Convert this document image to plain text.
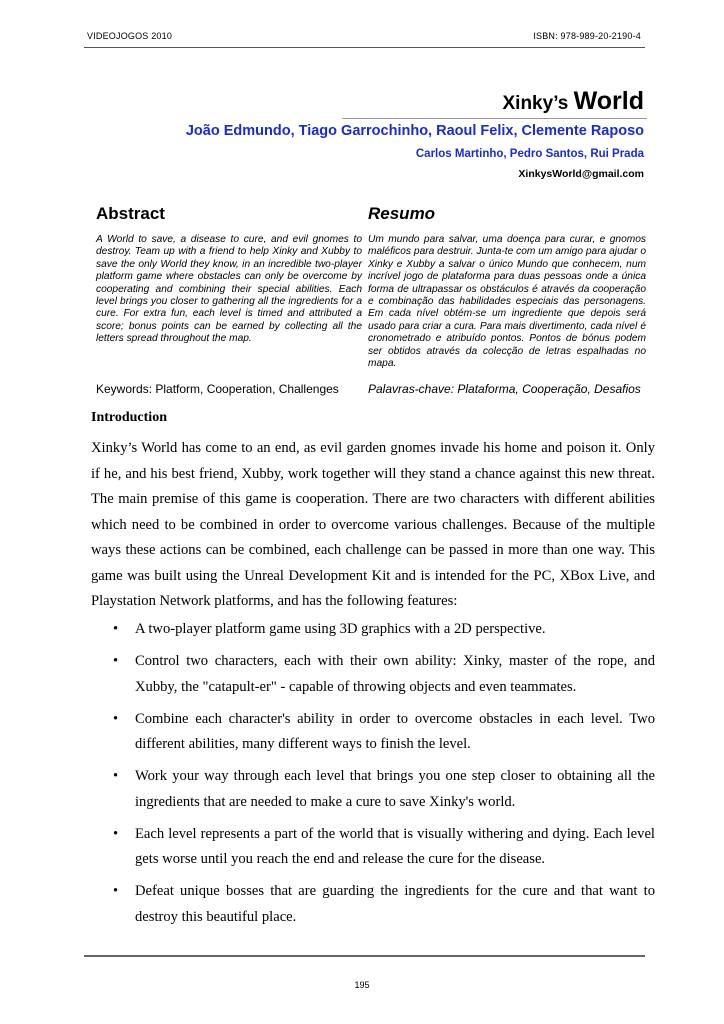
VIDEOJOGOS 2010	ISBN: 978-989-20-2190-4
Xinky’s World
João Edmundo, Tiago Garrochinho, Raoul Felix, Clemente Raposo
Carlos Martinho, Pedro Santos, Rui Prada
XinkysWorld@gmail.com
Abstract

A World to save, a disease to cure, and evil gnomes to destroy. Team up with a friend to help Xinky and Xubby to save the only World they know, in an incredible two-player platform game where obstacles can only be overcome by cooperating and combining their special abilities. Each level brings you closer to gathering all the ingredients for a cure. For extra fun, each level is timed and attributed a score; bonus points can be earned by collecting all the letters spread throughout the map.

Resumo

Um mundo para salvar, uma doença para curar, e gnomos maléficos para destruir. Junta-te com um amigo para ajudar o Xinky e Xubby a salvar o único Mundo que conhecem, num incrível jogo de plataforma para duas pessoas onde a única forma de ultrapassar os obstáculos é através da cooperação e combinação das habilidades especiais das personagens. Em cada nível obtém-se um ingrediente que depois será usado para criar a cura. Para mais divertimento, cada nível é cronometrado e atribuído pontos. Pontos de bónus podem ser obtidos através da colecção de letras espalhadas no mapa.

Keywords: Platform, Cooperation, Challenges Palavras-chave: Plataforma, Cooperação, Desafios
Introduction

Xinky’s World has come to an end, as evil garden gnomes invade his home and poison it. Only if he, and his best friend, Xubby, work together will they stand a chance against this new threat. The main premise of this game is cooperation. There are two characters with different abilities which need to be combined in order to overcome various challenges. Because of the multiple ways these actions can be combined, each challenge can be passed in more than one way. This game was built using the Unreal Development Kit and is intended for the PC, XBox Live, and Playstation Network platforms, and has the following features:

• A two-player platform game using 3D graphics with a 2D perspective.
• Control two characters, each with their own ability: Xinky, master of the rope, and Xubby, the "catapult-er" - capable of throwing objects and even teammates.
• Combine each character's ability in order to overcome obstacles in each level. Two different abilities, many different ways to finish the level.
• Work your way through each level that brings you one step closer to obtaining all the ingredients that are needed to make a cure to save Xinky's world.
• Each level represents a part of the world that is visually withering and dying. Each level gets worse until you reach the end and release the cure for the disease.
• Defeat unique bosses that are guarding the ingredients for the cure and that want to destroy this beautiful place.
195
